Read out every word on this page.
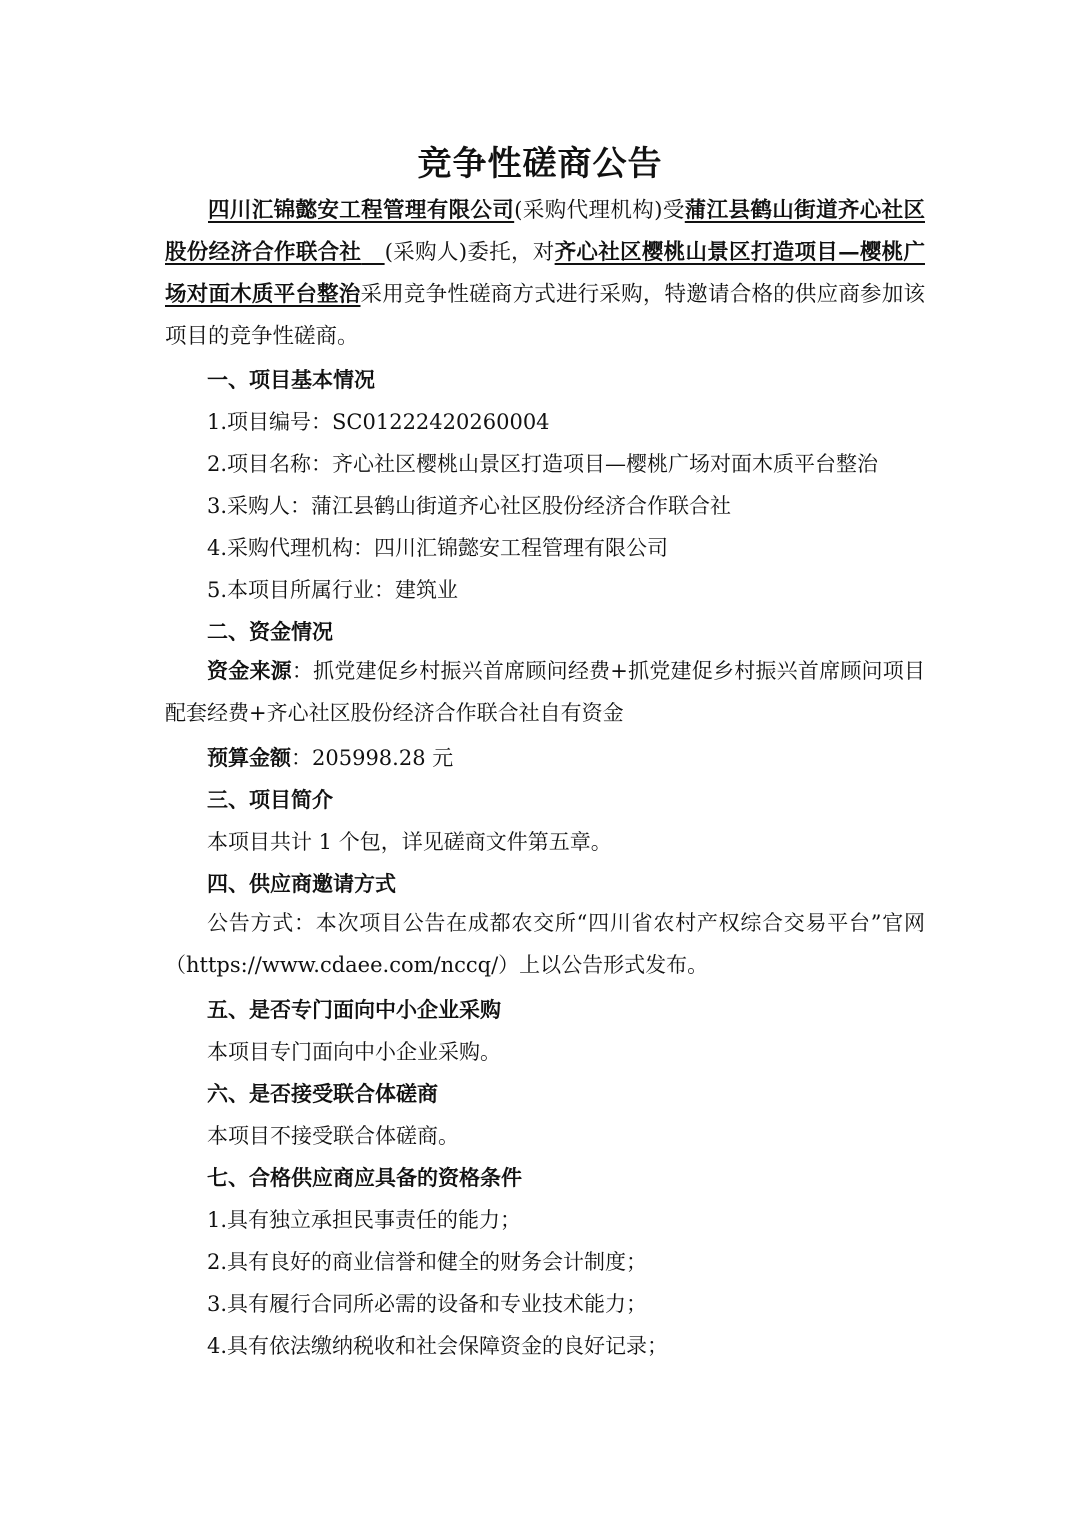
竞争性磋商公告

四川汇锦懿安工程管理有限公司(采购代理机构)受蒲江县鹤山街道齐心社区股份经济合作联合社 (采购人)委托，对齐心社区樱桃山景区打造项目—樱桃广场对面木质平台整治采用竞争性磋商方式进行采购，特邀请合格的供应商参加该项目的竞争性磋商。

一、项目基本情况

1.项目编号：SC01222420260004

2.项目名称：齐心社区樱桃山景区打造项目—樱桃广场对面木质平台整治

3.采购人：蒲江县鹤山街道齐心社区股份经济合作联合社

4.采购代理机构：四川汇锦懿安工程管理有限公司

5.本项目所属行业：建筑业

二、资金情况

资金来源：抓党建促乡村振兴首席顾问经费+抓党建促乡村振兴首席顾问项目配套经费+齐心社区股份经济合作联合社自有资金

预算金额：205998.28 元

三、项目简介

本项目共计 1 个包，详见磋商文件第五章。

四、供应商邀请方式

公告方式：本次项目公告在成都农交所“四川省农村产权综合交易平台”官网（https://www.cdaee.com/nccq/）上以公告形式发布。

五、是否专门面向中小企业采购

本项目专门面向中小企业采购。

六、是否接受联合体磋商

本项目不接受联合体磋商。

七、合格供应商应具备的资格条件

1.具有独立承担民事责任的能力；

2.具有良好的商业信誉和健全的财务会计制度；

3.具有履行合同所必需的设备和专业技术能力；

4.具有依法缴纳税收和社会保障资金的良好记录；
